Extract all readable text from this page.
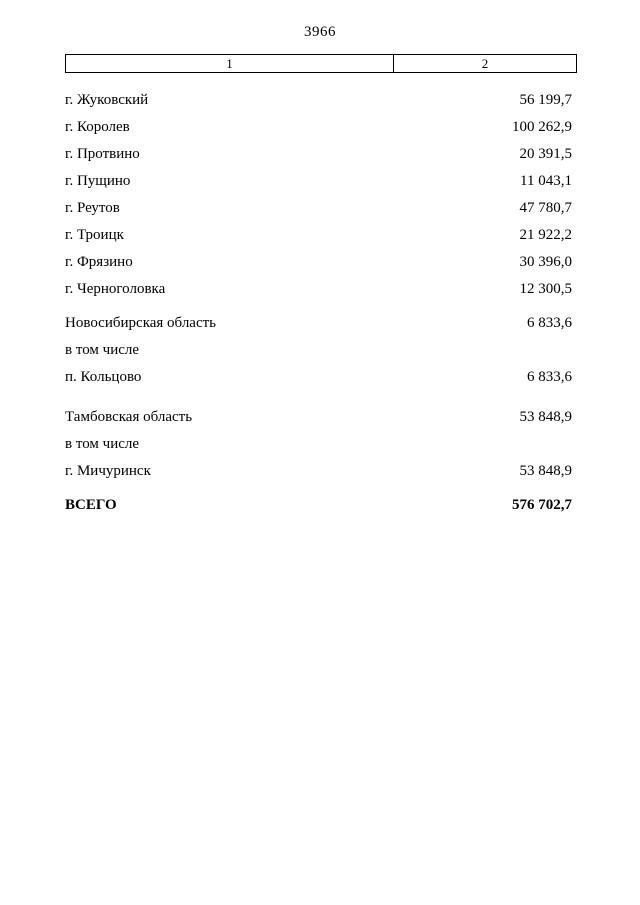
3966
1	2
г. Жуковский	56 199,7
г. Королев	100 262,9
г. Протвино	20 391,5
г. Пущино	11 043,1
г. Реутов	47 780,7
г. Троицк	21 922,2
г. Фрязино	30 396,0
г. Черноголовка	12 300,5
Новосибирская область	6 833,6
в том числе
п. Кольцово	6 833,6
Тамбовская область	53 848,9
в том числе
г. Мичуринск	53 848,9
ВСЕГО	576 702,7
